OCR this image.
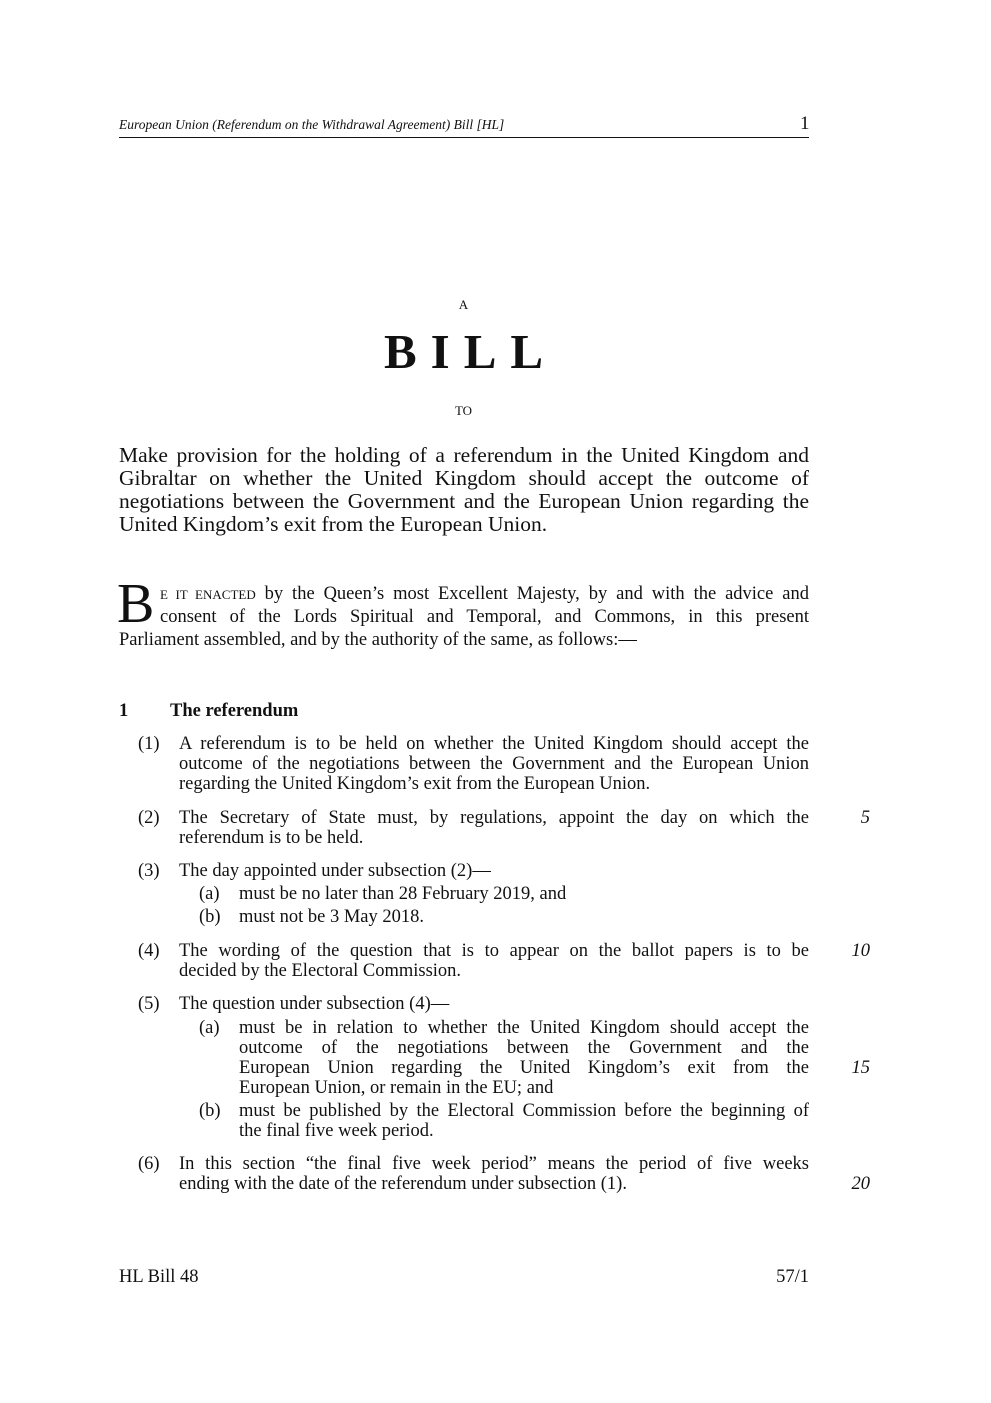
European Union (Referendum on the Withdrawal Agreement) Bill [HL]	1
A
BILL
TO
Make provision for the holding of a referendum in the United Kingdom and
Gibraltar on whether the United Kingdom should accept the outcome of
negotiations between the Government and the European Union regarding the
United Kingdom’s exit from the European Union.
B E IT ENACTED by the Queen’s most Excellent Majesty, by and with the advice and
consent of the Lords Spiritual and Temporal, and Commons, in this present
Parliament assembled, and by the authority of the same, as follows:—
1 The referendum
(1) A referendum is to be held on whether the United Kingdom should accept the
outcome of the negotiations between the Government and the European Union
regarding the United Kingdom’s exit from the European Union.
(2) The Secretary of State must, by regulations, appoint the day on which the
referendum is to be held.
(3) The day appointed under subsection (2)—
(a) must be no later than 28 February 2019, and
(b) must not be 3 May 2018.
(4) The wording of the question that is to appear on the ballot papers is to be
decided by the Electoral Commission.
(5) The question under subsection (4)—
(a) must be in relation to whether the United Kingdom should accept the
outcome of the negotiations between the Government and the
European Union regarding the United Kingdom’s exit from the
European Union, or remain in the EU; and
(b) must be published by the Electoral Commission before the beginning of
the final five week period.
(6) In this section “the final five week period” means the period of five weeks
ending with the date of the referendum under subsection (1).
5
10
15
20
HL Bill 48	57/1
